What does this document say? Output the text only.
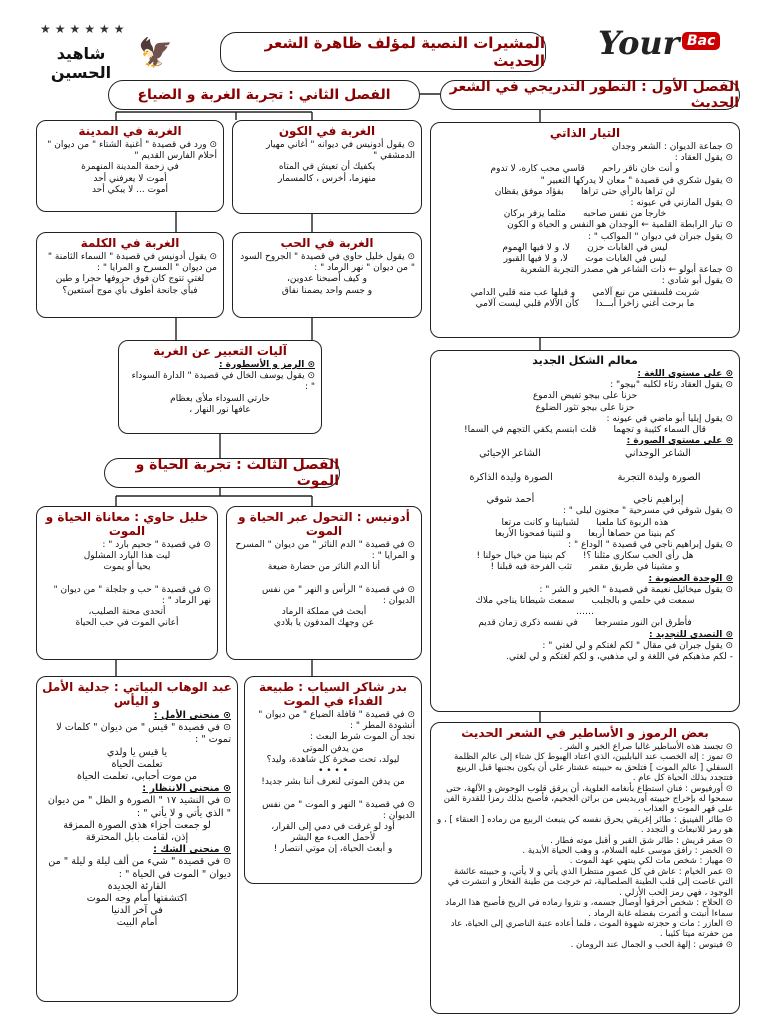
Your Bac
★★★★★★
شاهيد الحسين
🦅	المشيرات النصية لمؤلف ظاهرة الشعر الحديث
الفصل الأول : التطور التدريجي في الشعر الحديث
الفصل الثاني : تجربة الغربة و الضياع
التيار الذاتي
⊙ جماعة الديوان : الشعر وجدان
⊙ يقول العقاد :
و أنت خان ناقر راحم      قاسي محب كاره، لا تدوم
⊙ يقول شكري في قصيدة " معان لا يدركها التعبير "
لن تراها بالرأي حتى تراها      بفؤاد موفق يقظان
⊙ يقول المازني في عيونه :
خارجا من نفس صاحبه      مثلما يزفر بركان
⊙ تيار الرابطة القلمية ← الوجدان هو النفس و الحياة و الكون
⊙ يقول جبران في ديوان " المواكب " :
ليس في الغابات حزن      لا، و لا فيها الهموم
ليس في الغابات موت      لا، و لا فيها القبور
⊙ جماعة أبولو ← ذات الشاعر هي مصدر التجربة الشعرية
⊙ يقول أبو شادي :
شربت فلسفتي من نبع آلامي      و قبلها عب منه قلبي الدامي
ما برحت أغني زاخرا أبـــدا      كأن الآلام قلبي ليست آلامي
معالم الشكل الجديد
⊙ على مستوى اللغة :
⊙ يقول العقاد رثاء لكلبه "بيجو" :
حزنا على بيجو تفيض الدموع
حزنا على بيجو تثور الضلوع
⊙ يقول إيليا أبو ماضي في عيونه :
قال السماء كئيبة و تجهما      قلت ابتسم يكفي التجهم في السما!
⊙ على مستوى الصورة :
الشاعر الوجداني
الشاعر الإحيائي
الصورة وليدة التجربة
الصورة وليدة الذاكرة
إبراهيم ناجي
أحمد شوقي
⊙ يقول شوقي في مسرحية " مجنون ليلى " :
هذه الربوة كنا ملعبا      لشبابينا و كانت مرتعا
كم بنينا من حصاها أربعا      و لثنينا فمحونا الأربعا
⊙ يقول إبراهيم ناجي في قصيدة " الوداع " :
هل رأى الحب سكارى مثلنا ؟!      كم بنينا من خيال حولنا !
و مشينا في طريق مقمر      تثب الفرحة فيه قبلنا !
⊙ الوحدة العضوية :
⊙ يقول ميخائيل نعيمة في قصيدة " الخير و الشر " :
سمعت في حلمي و بالجلبب      سمعت شيطانا يناجي ملاك
……
فأطرق ابن النور متسرجعا      في نفسه ذكرى زمان قديم
⊙ التصدي للتجديد :
⊙ يقول جبران في مقال " لكم لغتكم و لي لغتي " :
- لكم مذهبكم في اللغة و لي مذهبي، و لكم لغتكم و لي لغتي.
بعض الرموز و الأساطير في الشعر الحديث
⊙ تجسد هذه الأساطير غالبا صراع الخير و الشر .
⊙ تموز : إله الخصب عند البابليين، الذي اعتاد الهبوط كل شتاء إلى عالم الظلمة السفلي [ عالم الموت ] فتلحق به حبيبته عشتار على أن يكون بجنبها قبل الربيع فتتجدد بذلك الحياة كل عام .
⊙ أورفيوس : فنان استطاع بأنغامه العلوية، أن يرقق قلوب الوحوش و الآلهة، حتى سمحوا له بإخراج حبيبته أوريديس من براثن الجحيم، فأصبح بذلك رمزا للقدرة الفن على قهر الموت و العذاب .
⊙ طائر الفينيق : طائر إغريقي يحرق نفسه كي ينبعث الربيع من رماده [ العنقاء ] ، و هو رمز للانبعاث و التجدد .
⊙ صقر قريش : طائر شق القبر و أقبل موته فطار .
⊙ الخضر : رافق موسى عليه السلام، و وهب الحياة الأبدية .
⊙ مهيار : شخص مات لكي ينتهي عهد الموت .
⊙ عمر الخيام : عاش في كل عصور منتظرا الذي يأتي و لا يأتي، و حبيبته عائشة التي غاصت إلى قلب الطينة الصلصالية، ثم خرجت من طينة الفخار و انتشرت في الوجود ، فهي رمز الحب الأزلي .
⊙ الحلاج : شخص أحرقوا أوصال جسمه، و نثروا رماده في الريح فأصبح هذا الرماد سماءا أنبتت و أثمرت بفضله غابة الرماد .
⊙ العازر : مات و حجزته شهوة الموت ، فلما أعاده عتبة الناصري إلى الحياة، عاد من حفرته ميتا كئيبا .
⊙ فينوس : إلهة الحب و الجمال عند الرومان .
الغربة في الكون
⊙ يقول أدونيس في ديوانه " أغاني مهيار الدمشقي "
يكفيك أن تعيش في المتاه
منهزما، أخرس ، كالمسمار
الغربة في المدينة
⊙ ورد في قصيدة " أغنية الشتاء " من ديوان " أحلام الفارس القديم "
في زحمة المدينة المنهمرة
أموت لا يعرفني أحد
أموت ... لا يبكي أحد
الغربة في الحب
⊙ يقول خليل حاوي في قصيدة " الجروح السود " من ديوان " نهر الرماد " :
و كيف أصبحنا عدوين،
و جسم واحد يضمنا نفاق
الغربة في الكلمة
⊙ يقول أدونيس في قصيدة " السماء الثامنة " من ديوان " المسرح و المرايا " :
لغتي تتوج كان فوق حروفها حجرا و طين
فبأي جانحة أطوف بأي موج أستعين؟
آليات التعبير عن الغربة
⊙ الرمز و الأسطورة :
⊙ يقول يوسف الخال في قصيدة " الدارة السوداء " :
حارتي السوداء ملأى بعظام
عافها نور النهار ،
الفصل الثالث : تجربة الحياة و الموت
أدونيس : التحول عبر الحياة و الموت
⊙ في قصيدة " الدم الناثر " من ديوان " المسرح و المرايا " :
أنا الدم الناثر من حضارة ضيعة
⊙ في قصيدة " الرأس و النهر " من نفس الديوان :
أبحث في مملكة الرماد
عن وجهك المدفون يا بلادي
خليل حاوي : معاناة الحياة و الموت
⊙ في قصيدة " جحيم بارد " :
ليت هذا البارد المشلول
يحيا أو يموت
⊙ في قصيدة " حب و جلجلة " من ديوان " نهر الرماد " :
أتحدى محنة الصليب،
أعاني الموت في حب الحياة
بدر شاكر السياب : طبيعة الفداء في الموت
⊙ في قصيدة " قافلة الضياع " من ديوان " أنشودة المطر " :
نجد أن الموت شرط البعث :
من يدفن الموتى
ليولد، تحت صخرة كل شاهدة، وليد؟
• • • •
من يدفن الموتى لنعرف أننا بشر جديد!
⊙ في قصيدة " النهر و الموت " من نفس الديوان :
أود لو غرقت في دمي إلى القرار،
لأحمل العبء مع البشر
و أبعث الحياة، إن موتي انتصار !
عبد الوهاب البياتي : جدلية الأمل و اليأس
⊙ منحنى الأمل :
⊙ في قصيدة " قيس " من ديوان " كلمات لا تموت " :
يا قيس يا ولدي
تعلمت الحياة
من موت أحبابي، تعلمت الحياة
⊙ منحنى الانتظار :
⊙ في النشيد ١٧ " الصورة و الظل " من ديوان " الذي يأتي و لا يأتي " :
لو جمعت أجزاء هذي الصورة الممزقة
إذن، لقامت بابل المحترقة
⊙ منحنى الشك :
⊙ في قصيدة " شيء من ألف ليلة و ليلة " من ديوان " الموت في الحياة " :
القارئة الجديدة
اكتشفتها أمام وجه الموت
في آخر الدنيا
أمام البيت
